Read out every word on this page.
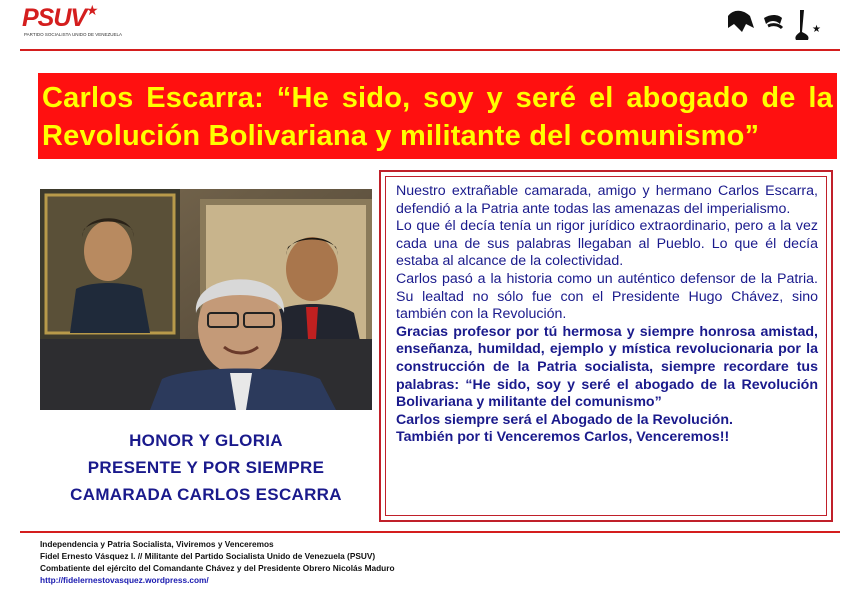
PSUV ★
PARTIDO SOCIALISTA UNIDO DE VENEZUELA	★

Carlos Escarra: “He sido, soy y seré el abogado de la Revolución Bolivariana y militante del comunismo”

HONOR Y GLORIA
PRESENTE Y POR SIEMPRE
CAMARADA CARLOS ESCARRA

Nuestro extrañable camarada, amigo y hermano Carlos Escarra, defendió a la Patria ante todas las amenazas del imperialismo.

Lo que él decía tenía un rigor jurídico extraordinario, pero a la vez cada una de sus palabras llegaban al Pueblo. Lo que él decía estaba al alcance de la colectividad.

Carlos pasó a la historia como un auténtico defensor de la Patria. Su lealtad no sólo fue con el Presidente Hugo Chávez, sino también con la Revolución.

Gracias profesor por tú hermosa y siempre honrosa amistad, enseñanza, humildad, ejemplo y mística revolucionaria por la construcción de la Patria socialista, siempre recordare tus palabras: “He sido, soy y seré el abogado de la Revolución Bolivariana y militante del comunismo”

Carlos siempre será el Abogado de la Revolución.

También por ti Venceremos Carlos, Venceremos!!

Independencia y Patria Socialista, Viviremos y Venceremos
Fidel Ernesto Vásquez I. // Militante del Partido Socialista Unido de Venezuela (PSUV)
Combatiente del ejército del Comandante Chávez y del Presidente Obrero Nicolás Maduro
http://fidelernestovasquez.wordpress.com/
